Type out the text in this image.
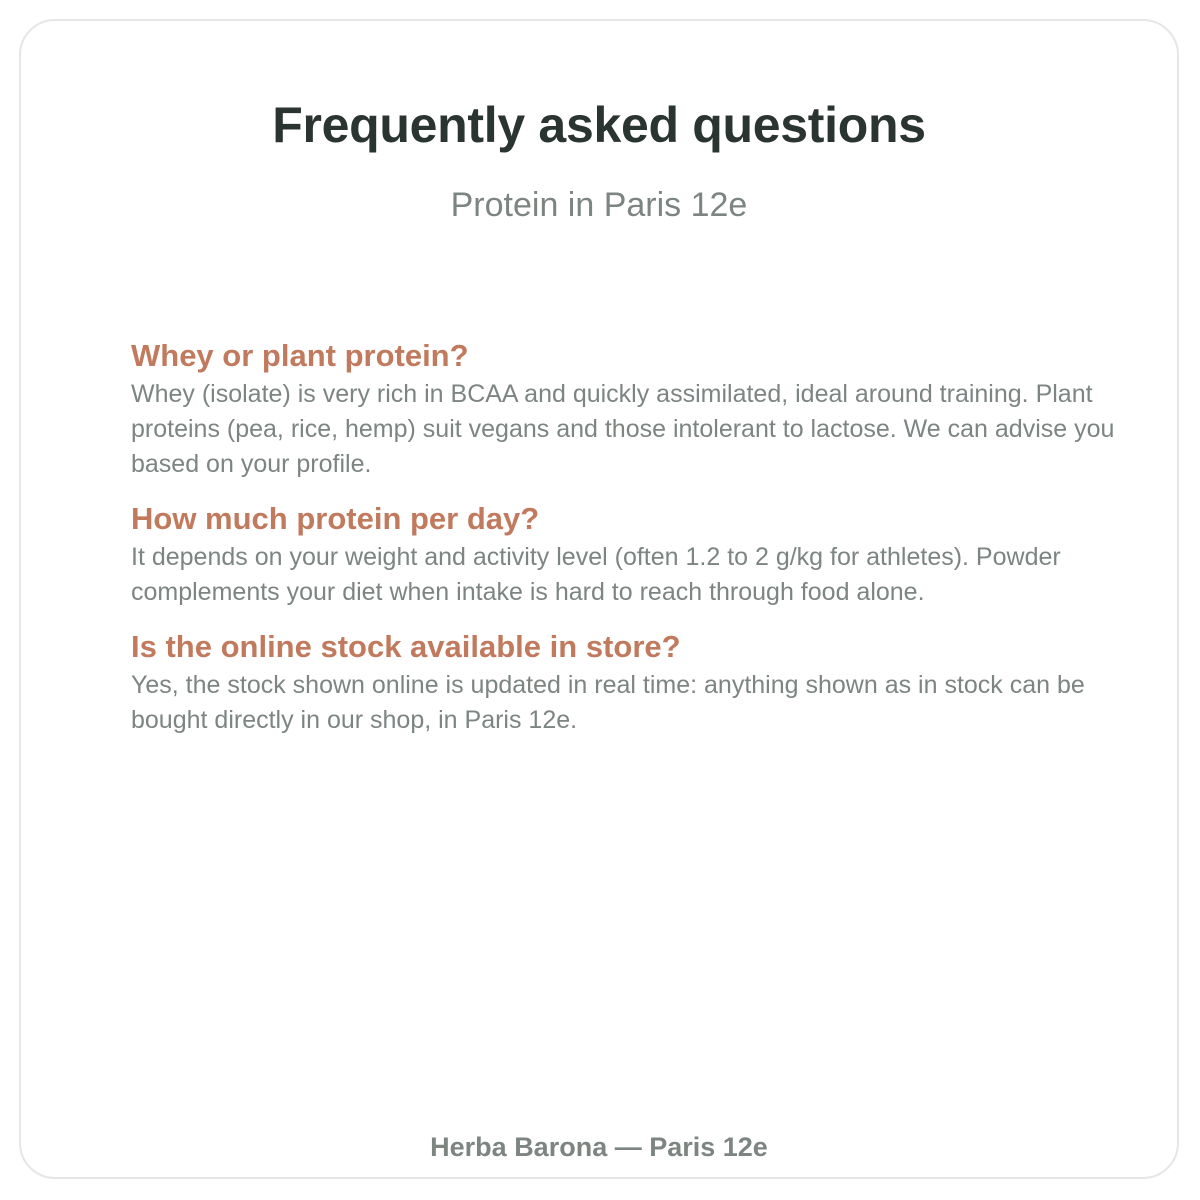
Frequently asked questions

Protein in Paris 12e

Whey or plant protein?

Whey (isolate) is very rich in BCAA and quickly assimilated, ideal around training. Plant proteins (pea, rice, hemp) suit vegans and those intolerant to lactose. We can advise you based on your profile.

How much protein per day?

It depends on your weight and activity level (often 1.2 to 2 g/kg for athletes). Powder complements your diet when intake is hard to reach through food alone.

Is the online stock available in store?

Yes, the stock shown online is updated in real time: anything shown as in stock can be bought directly in our shop, in Paris 12e.

Herba Barona — Paris 12e
